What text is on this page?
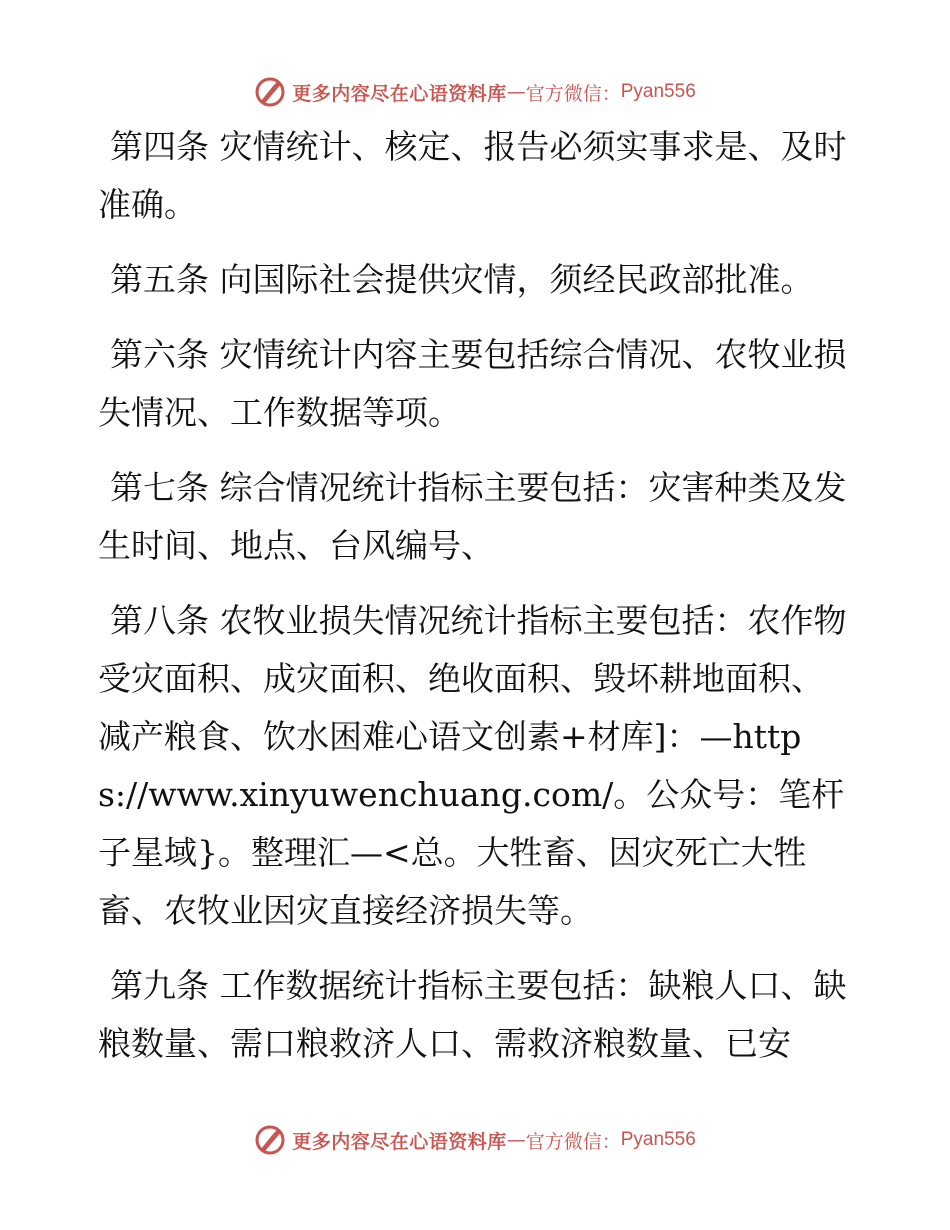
更多内容尽在心语资料库 — 官方微信： Pyan556

第四条 灾情统计、核定、报告必须实事求是、及时准确。

第五条 向国际社会提供灾情，须经民政部批准。

第六条 灾情统计内容主要包括综合情况、农牧业损失情况、工作数据等项。

第七条 综合情况统计指标主要包括：灾害种类及发生时间、地点、台风编号、

第八条 农牧业损失情况统计指标主要包括：农作物受灾面积、成灾面积、绝收面积、毁坏耕地面积、减产粮食、饮水困难心语文创素+材库]：—https://www.xinyuwenchuang.com/。公众号：笔杆子星域}。整理汇—<总。大牲畜、因灾死亡大牲畜、农牧业因灾直接经济损失等。

第九条 工作数据统计指标主要包括：缺粮人口、缺粮数量、需口粮救济人口、需救济粮数量、已安

更多内容尽在心语资料库 — 官方微信： Pyan556
